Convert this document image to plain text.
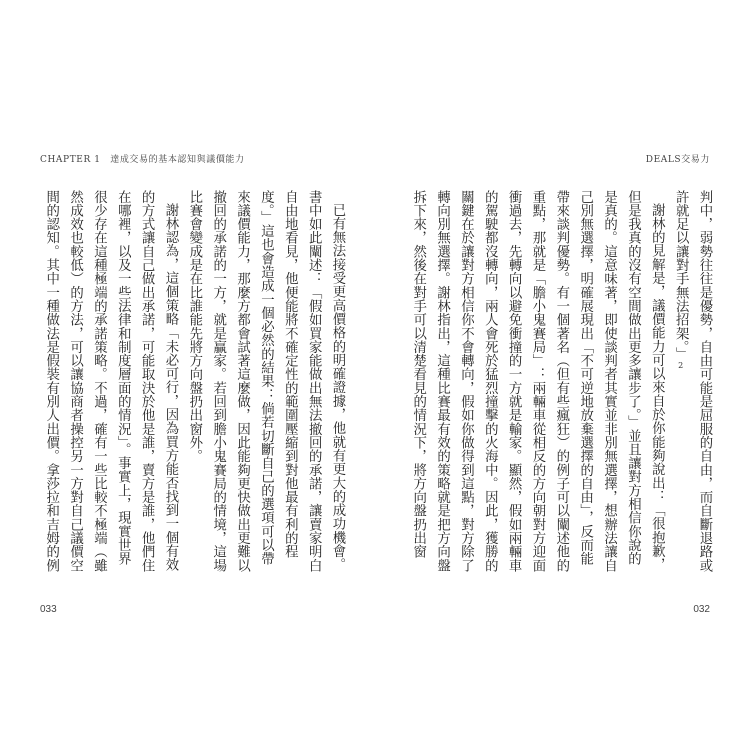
CHAPTER 1　達成交易的基本認知與議價能力
已有無法接受更高價格的明確證據，他就有更大的成功機會。書中如此闡述：「假如買家能做出無法撤回的承諾，讓賣家明白自由地看見，他便能將不確定性的範圍壓縮到對他最有利的程度。」這也會造成一個必然的結果：倘若切斷自己的選項可以帶來議價能力，那麼方都會試著這麼做，因此能夠更快做出更難以撤回的承諾的一方，就是贏家。若回到膽小鬼賽局的情境，這場比賽會變成是在比誰能先將方向盤扔出窗外。
謝林認為，這個策略「未必可行，因為買方能否找到一個有效的方式讓自己做出承諾，可能取決於他是誰，賣方是誰，他們住在哪裡，以及一些法律和制度層面的情況」。事實上，現實世界很少存在這種極端的承諾策略。不過，確有一些比較不極端（雖然成效也較低）的方法，可以讓協商者操控另一方對自己議價空間的認知。其中一種做法是假裝有別人出價。拿莎拉和吉姆的例
033
DEALS交易力
判中，弱勢往往是優勢，自由可能是屈服的自由，而自斷退路或許就足以讓對手無法招架。」2
謝林的見解是，議價能力可以來自於你能夠說出：「很抱歉，但是我真的沒有空間做出更多讓步了。」並且讓對方相信你說的是真的。這意味著，即使談判者其實並非別無選擇，想辦法讓自己別無選擇，明確展現出「不可逆地放棄選擇的自由」，反而能帶來談判優勢。有一個著名（但有些瘋狂）的例子可以闡述他的重點，那就是「膽小鬼賽局」：兩輛車從相反的方向朝對方迎面衝過去，先轉向以避免衝撞的一方就是輸家。顯然，假如兩輛車的駕駛都沒轉向，兩人會死於猛烈撞擊的火海中。因此，獲勝的關鍵在於讓對方相信你不會轉向，假如你做得到這點，對方除了轉向別無選擇。謝林指出，這種比賽最有效的策略就是把方向盤拆下來，然後在對手可以清楚看見的情況下，將方向盤扔出窗
032
